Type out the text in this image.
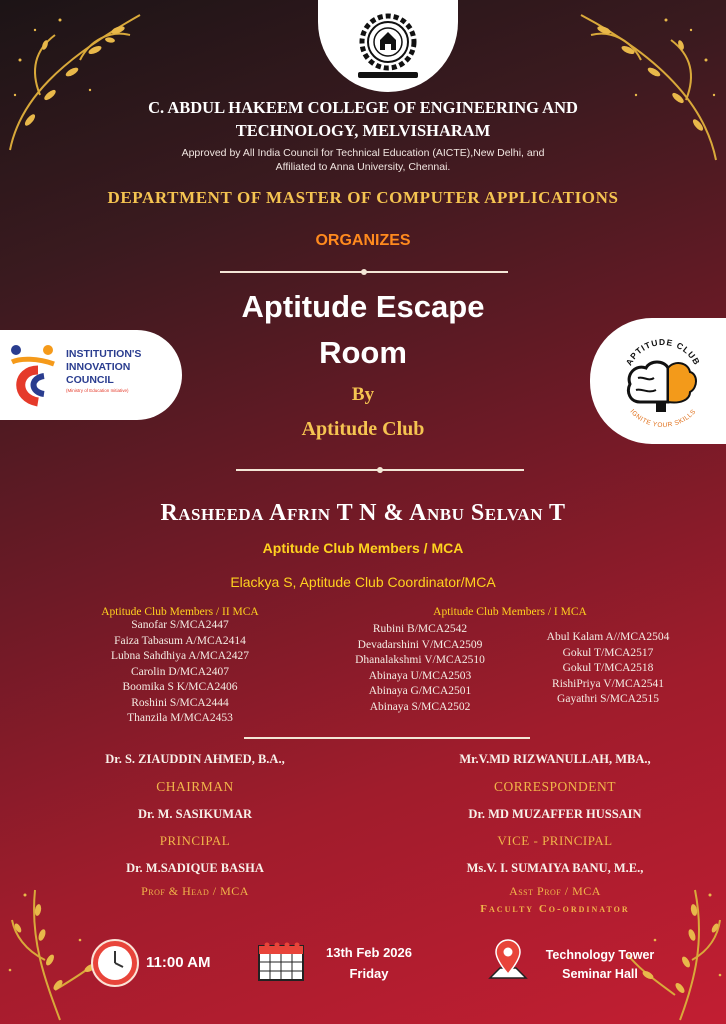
C. ABDUL HAKEEM COLLEGE OF ENGINEERING AND
TECHNOLOGY, MELVISHARAM
Approved by All India Council for Technical Education (AICTE),New Delhi, and
Affiliated to Anna University, Chennai.
DEPARTMENT OF MASTER OF COMPUTER APPLICATIONS
ORGANIZES
Aptitude Escape
Room
By
Aptitude Club
INSTITUTION'S
INNOVATION
COUNCIL
(Ministry of Education Initiative)
APTITUDE CLUB
IGNITE YOUR SKILLS
Rasheeda Afrin T N & Anbu Selvan T
Aptitude Club Members / MCA
Elackya S, Aptitude Club Coordinator/MCA
Aptitude Club Members / II MCA
Sanofar S/MCA2447
Faiza Tabasum A/MCA2414
Lubna Sahdhiya A/MCA2427
Carolin D/MCA2407
Boomika S K/MCA2406
Roshini S/MCA2444
Thanzila M/MCA2453
Aptitude Club Members / I MCA
Rubini B/MCA2542
Devadarshini V/MCA2509
Dhanalakshmi V/MCA2510
Abinaya U/MCA2503
Abinaya G/MCA2501
Abinaya S/MCA2502
Abul Kalam A//MCA2504
Gokul T/MCA2517
Gokul T/MCA2518
RishiPriya V/MCA2541
Gayathri S/MCA2515
Dr. S. ZIAUDDIN AHMED, B.A.,
CHAIRMAN
Dr. M. SASIKUMAR
PRINCIPAL
Dr. M.SADIQUE BASHA
Prof & Head / MCA
Mr.V.MD RIZWANULLAH, MBA.,
CORRESPONDENT
Dr. MD MUZAFFER HUSSAIN
VICE - PRINCIPAL
Ms.V. I. SUMAIYA BANU, M.E.,
Asst Prof / MCA
Faculty Co-ordinator
11:00 AM
13th Feb 2026
Friday
Technology Tower
Seminar Hall
